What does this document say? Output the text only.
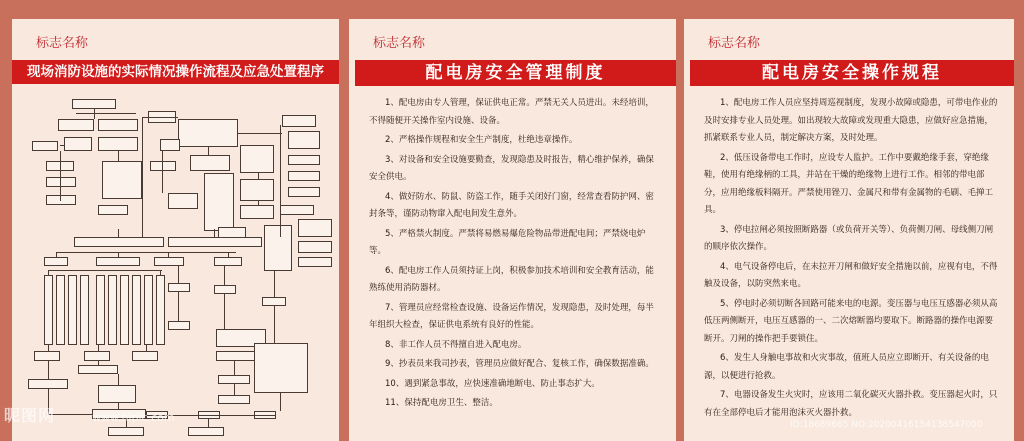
标志名称
现场消防设施的实际情况操作流程及应急处置程序
标志名称
配电房安全管理制度

1、配电房由专人管理，保证供电正常。严禁无关人员进出。未经培训，不得随便开关操作室内设施、设备。

2、严格操作规程和安全生产制度，杜绝违章操作。

3、对设备和安全设施要勤查，发现隐患及时报告，精心维护保养，确保安全供电。

4、做好防水、防鼠、防盗工作，随手关闭好门窗，经常查看防护网、密封条等，谨防动物窜入配电间发生意外。

5、严格禁火制度。严禁将易燃易爆危险物品带进配电间；严禁烧电炉等。

6、配电房工作人员须持证上岗，积极参加技术培训和安全教育活动，能熟练使用消防器材。

7、管理员应经常检查设施、设备运作情况，发现隐患，及时处理，每半年组织大检查，保证供电系统有良好的性能。

8、非工作人员不得擅自进入配电房。

9、抄表员来我司抄表，管理员应做好配合、复核工作，确保数据准确。

10、遇到紧急事故，应快速准确地断电、防止事态扩大。

11、保持配电房卫生、整洁。

标志名称
配电房安全操作规程

1、配电房工作人员应坚持周巡视制度，发现小故障或隐患，可带电作业的及时安排专业人员处理。如出现较大故障或发现重大隐患，应做好应急措施，抓紧联系专业人员，制定解决方案，及时处理。

2、低压设备带电工作时，应设专人监护。工作中要戴绝缘手套，穿绝缘鞋，使用有绝缘柄的工具，并站在干燥的绝缘物上进行工作。相邻的带电部分，应用绝缘板料隔开。严禁使用锉刀、金属尺和带有金属物的毛刷、毛掸工具。

3、停电拉闸必须按照断路器（或负荷开关等）、负荷侧刀闸、母线侧刀闸的顺序依次操作。

4、电气设备停电后，在未拉开刀闸和做好安全措施以前，应视有电，不得触及设备，以防突然来电。

5、停电时必须切断各回路可能来电的电源。变压器与电压互感器必须从高低压两侧断开，电压互感器的一、二次熔断器均要取下。断路器的操作电源要断开。刀闸的操作把手要锁住。

6、发生人身触电事故和火灾事故，值班人员应立即断开、有关设备的电源，以便进行抢救。

7、电器设备发生火灾时，应该用二氧化碳灭火器扑救。变压器起火时，只有在全部停电后才能用泡沫灭火器扑救。

昵图网	www.nipic.com
ID:18689665 NO:20200416154138547000
